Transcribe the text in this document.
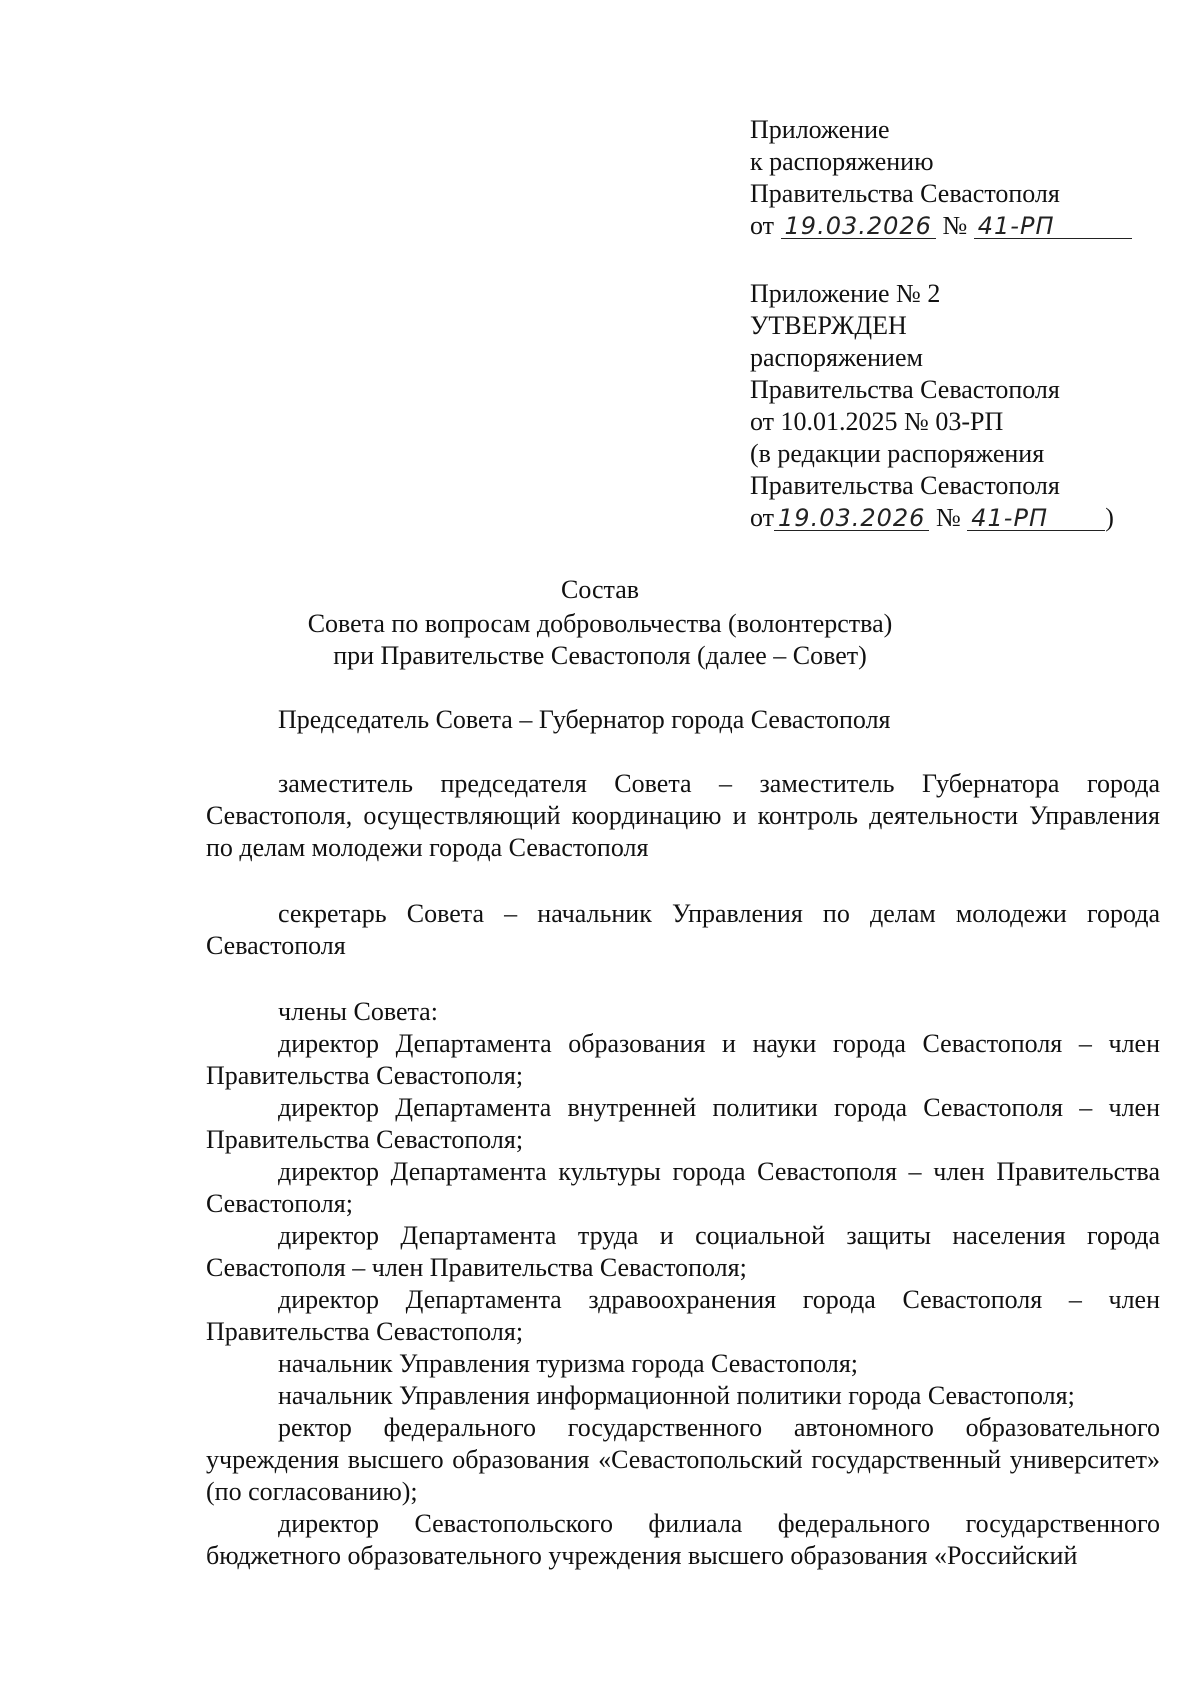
Приложение
к распоряжению
Правительства Севастополя
от 19.03.2026 № 41-РП
Приложение № 2
УТВЕРЖДЕН
распоряжением
Правительства Севастополя
от 10.01.2025 № 03-РП
(в редакции распоряжения
Правительства Севастополя
от 19.03.2026 № 41-РП )
Состав
Совета по вопросам добровольчества (волонтерства)
при Правительстве Севастополя (далее – Совет)

Председатель Совета – Губернатор города Севастополя

заместитель председателя Совета – заместитель Губернатора города Севастополя, осуществляющий координацию и контроль деятельности Управления по делам молодежи города Севастополя

секретарь Совета – начальник Управления по делам молодежи города Севастополя

члены Совета:

директор Департамента образования и науки города Севастополя – член Правительства Севастополя;

директор Департамента внутренней политики города Севастополя – член Правительства Севастополя;

директор Департамента культуры города Севастополя – член Правительства Севастополя;

директор Департамента труда и социальной защиты населения города Севастополя – член Правительства Севастополя;

директор Департамента здравоохранения города Севастополя – член Правительства Севастополя;

начальник Управления туризма города Севастополя;

начальник Управления информационной политики города Севастополя;

ректор федерального государственного автономного образовательного учреждения высшего образования «Севастопольский государственный университет» (по согласованию);

директор Севастопольского филиала федерального государственного бюджетного образовательного учреждения высшего образования «Российский
